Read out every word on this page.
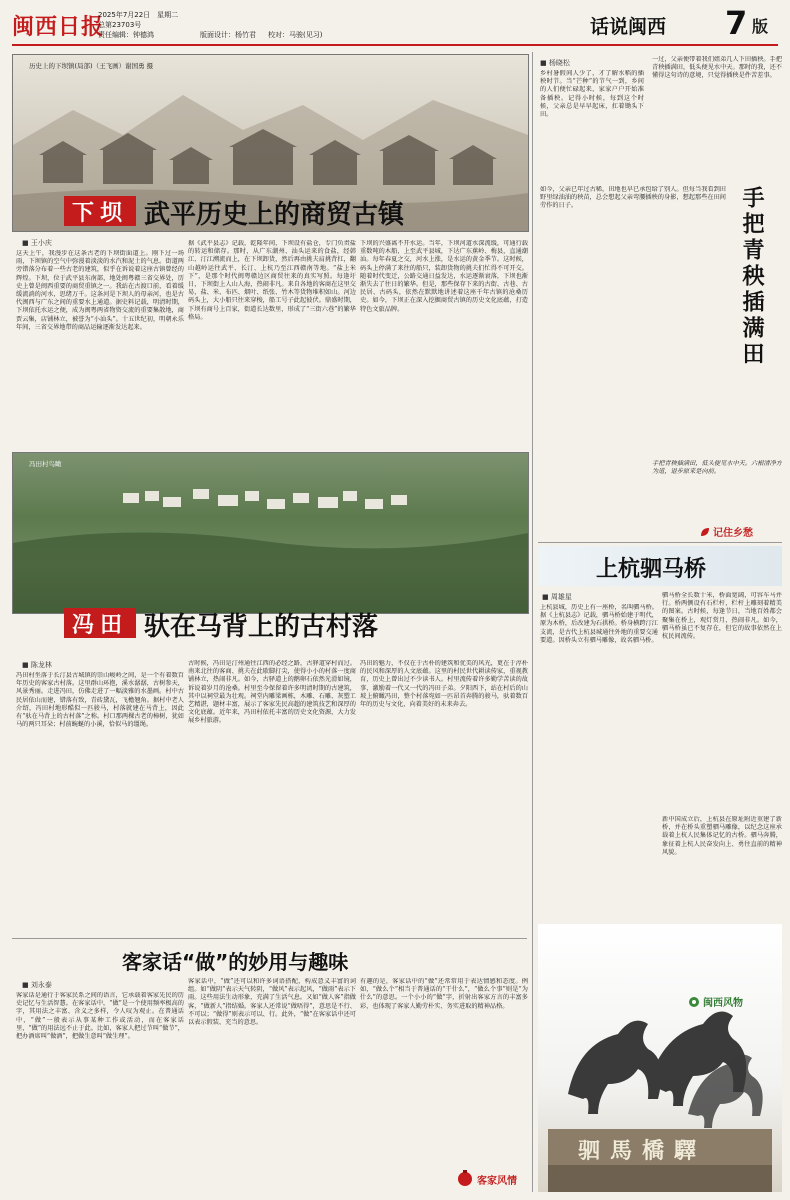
闽西日报
2025年7月22日　星期二
总第23703号
责任编辑：钟德鸿	版面设计：杨竹君 校对：马骏(见习)	话说闽西 7 版
历史上的下坝镇(局部)（王飞画）谢国勇 摄
下坝 武平历史上的商贸古镇
■ 王小庆
这天上午，我漫步在这条古老的下坝街面道上。刚下过一场雨，下坝镇的空气中弥漫着淡淡的水汽和泥土的气息。街道两旁错落分布着一些古老的建筑，似乎在诉说着这座古镇曾经的辉煌。下坝，位于武平县东南部，地处闽粤赣三省交界处，历史上曾是闽西重要的商贸重镇之一。我站在古渡口前，看着缓缓流淌的河水，思绪万千。这条河是下坝人的母亲河，也是古代闽西与广东之间的重要水上通道。据史料记载，明清时期，下坝依托水运之便，成为闽粤两省物资交流的重要集散地，商贾云集，店铺林立，被誉为“小汕头”。十五世纪初，明朝永乐年间，三省交界地带的商品运输逐渐发达起来。
据《武平县志》记载，乾隆年间，下坝设有盐仓，专门负责盐的转运和储存。那时，从广东潮州、汕头运来的食盐，经韩江、汀江溯流而上，在下坝卸货，然后再由挑夫肩挑背扛，翻山越岭运往武平、长汀、上杭乃至江西赣南等地。“盐上米下”，是那个时代闽粤赣边区商贸往来的真实写照。每逢圩日，下坝街上人山人海，热闹非凡。来自各地的客商在这里交易，盐、米、布匹、烟叶、纸张、竹木等货物堆积如山。河边码头上，大小船只往来穿梭，船工号子此起彼伏。鼎盛时期，下坝有商号上百家，街道长达数里，形成了“三街六巷”的繁华格局。
下坝的兴盛离不开水运。当年，下坝河道水深流缓，可通行载重数吨的木船，上至武平县城，下达广东蕉岭、梅县，直通潮汕。每年春夏之交，河水上涨，是水运的黄金季节。这时候，码头上停满了来往的船只，装卸货物的挑夫们忙得不可开交。随着时代变迁，公路交通日益发达，水运逐渐衰落，下坝也渐渐失去了往日的繁华。但是，那些保存下来的古街、古巷、古民居、古码头，依然在默默地讲述着这座千年古镇的沧桑历史。如今，下坝正在深入挖掘商贸古镇的历史文化底蕴，打造特色文旅品牌。
冯田村鸟瞰
冯田 驮在马背上的古村落
■ 陈龙林
冯田村坐落于长汀县古城镇的崇山峻岭之间，是一个有着数百年历史的客家古村落。这里群山环抱，溪水潺潺，古树参天，风景秀丽。走进冯田，仿佛走进了一幅淡雅的水墨画。村中古民居依山而建，错落有致，青砖黛瓦，飞檐翘角。据村中老人介绍，冯田村地形酷似一匹骏马，村落就建在马背上，因此有“驮在马背上的古村落”之称。村口那两棵古老的樟树，犹如马的两只耳朵；村前蜿蜒的小溪，恰似马的缰绳。
古时候，冯田是汀州通往江西的必经之路，古驿道穿村而过。南来北往的客商、挑夫在此歇脚打尖，使得小小的村落一度商铺林立，热闹非凡。如今，古驿道上的鹅卵石依然光滑如镜，诉说着岁月的沧桑。村里至今保留着许多明清时期的古建筑，其中以祠堂最为壮观。祠堂内雕梁画栋，木雕、石雕、灰塑工艺精湛，题材丰富，展示了客家先民高超的建筑技艺和深厚的文化底蕴。近年来，冯田村依托丰富的历史文化资源，大力发展乡村旅游。
冯田的魅力，不仅在于古朴的建筑和优美的风光，更在于淳朴的民风和深厚的人文底蕴。这里的村民世代耕读传家，重视教育，历史上曾出过不少读书人。村里流传着许多勤学苦读的故事，激励着一代又一代的冯田子弟。夕阳西下，站在村后的山坡上俯瞰冯田，整个村落宛如一匹昂首奔腾的骏马，驮着数百年的历史与文化，向着美好的未来奔去。
客家话“做”的妙用与趣味
■ 刘永泰
客家话是通行于客家民系之间的语言，它承载着客家先民的历史记忆与生活智慧。在客家话中，“做”是一个使用频率极高的字，其用法之丰富、含义之多样，令人叹为观止。在普通话中，“做”一般表示从事某种工作或活动，而在客家话里，“做”的用法远不止于此。比如，客家人把过节叫“做节”，把办酒席叫“做酒”，把做生意叫“做生理”。
客家话中，“做”还可以和许多词语搭配，构成意义丰富的词组。如“做阴”表示天气转阴，“做风”表示起风，“做雨”表示下雨。这些用法生动形象，充满了生活气息。又如“做人客”指做客，“做新人”指结婚。客家人还常说“做唔得”，意思是不行、不可以；“做得”则表示可以、行。此外，“做”在客家话中还可以表示假装、充当的意思。
有趣的是，客家话中的“做”还常常用于表达情感和态度。例如，“做么个”相当于普通话的“干什么”，“做么个事”则是“为什么”的意思。一个小小的“做”字，折射出客家方言的丰富多彩，也体现了客家人勤劳朴实、务实进取的精神品格。
客家风情
■ 杨晓松
乡村暑假间人少了，才了解水稻的插秧时节。当“芒种”的节气一到，乡间的人们便忙碌起来，家家户户开始准备插秧。记得小时候，每到这个时候，父亲总是早早起床，扛着锄头下田。
一过，父亲便带着我们姐弟几人下田插秧。手把青秧插满田，低头便见水中天。那时的我，还不懂得这句诗的意境，只觉得插秧是件苦差事。
手把青秧插满田
如今，父亲已年过古稀，田地也早已承包给了别人。但每当我看到田野里绿油油的秧苗，总会想起父亲弯腰插秧的身影，想起那些在田间劳作的日子。
手把青秧插满田，低头便见水中天。六根清净方为道，退步原来是向前。
记住乡愁
上杭驷马桥
■ 周雄星
上杭县城，历史上有一座桥，名叫驷马桥。据《上杭县志》记载，驷马桥始建于明代，原为木桥，后改建为石拱桥。桥身横跨汀江支流，是古代上杭县城通往外地的重要交通要道。因桥头立有驷马雕像，故名驷马桥。
驷马桥全长数十米，桥面宽阔，可容车马并行。桥两侧设有石栏杆，栏杆上雕刻着精美的图案。古时候，每逢节日，当地百姓都会聚集在桥上，观灯赏月，热闹非凡。如今，驷马桥虽已不复存在，但它的故事依然在上杭民间流传。
新中国成立后，上杭县在原址附近重建了新桥，并在桥头重塑驷马雕像，以纪念这座承载着上杭人民集体记忆的古桥。驷马奔腾，象征着上杭人民奋发向上、勇往直前的精神风貌。
驷馬橋驛
闽西风物
